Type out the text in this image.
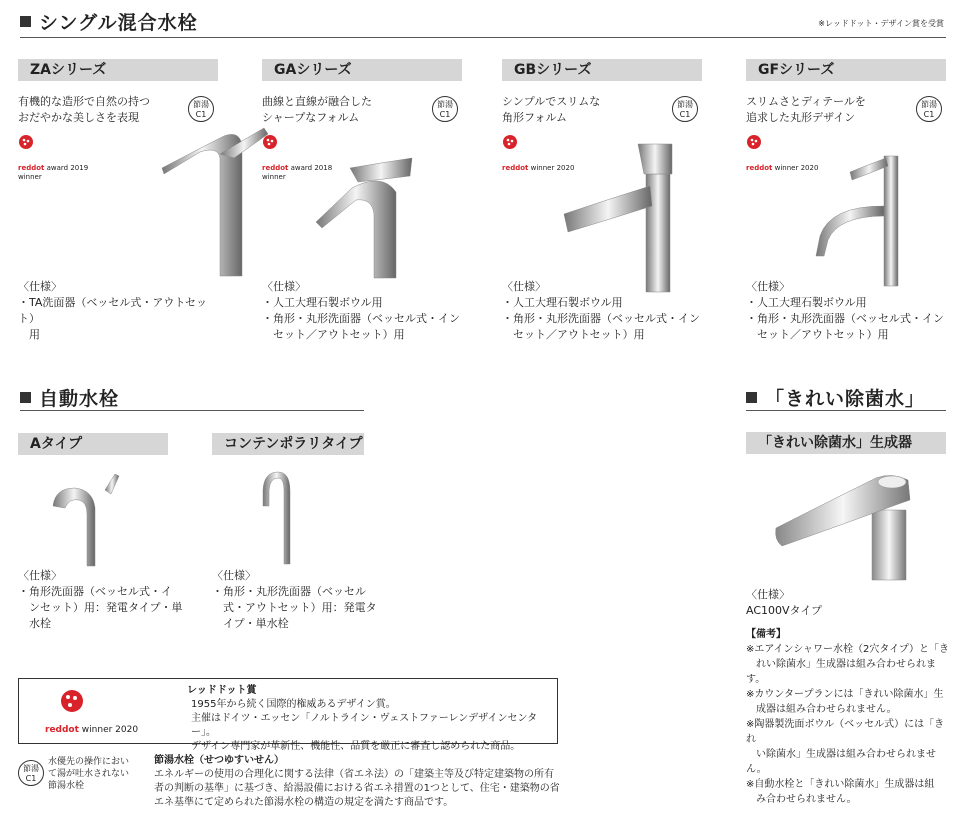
シングル混合水栓	※レッドドット・デザイン賞を受賞
ZAシリーズ
有機的な造形で自然の持つ
おだやかな美しさを表現
節湯
C1
reddot award 2019
winner
〈仕様〉
・TA洗面器（ベッセル式・アウトセット）
　用
GAシリーズ
曲線と直線が融合した
シャープなフォルム
節湯
C1
reddot award 2018
winner
〈仕様〉
・人工大理石製ボウル用
・角形・丸形洗面器（ベッセル式・イン
　セット／アウトセット）用
GBシリーズ
シンプルでスリムな
角形フォルム
節湯
C1
reddot winner 2020

〈仕様〉
・人工大理石製ボウル用
・角形・丸形洗面器（ベッセル式・イン
　セット／アウトセット）用
GFシリーズ
スリムさとディテールを
追求した丸形デザイン
節湯
C1
reddot winner 2020

〈仕様〉
・人工大理石製ボウル用
・角形・丸形洗面器（ベッセル式・イン
　セット／アウトセット）用
自動水栓
Aタイプ	コンテンポラリタイプ
〈仕様〉
・角形洗面器（ベッセル式・イ
　ンセット）用：発電タイプ・単
　水栓
〈仕様〉
・角形・丸形洗面器（ベッセル
　式・アウトセット）用：発電タ
　イプ・単水栓
「きれい除菌水」
「きれい除菌水」生成器
〈仕様〉
AC100Vタイプ
【備考】
※エアインシャワー水栓（2穴タイプ）と「き
　れい除菌水」生成器は組み合わせられます。
※カウンタープランには「きれい除菌水」生
　成器は組み合わせられません。
※陶器製洗面ボウル（ベッセル式）には「きれ
　い除菌水」生成器は組み合わせられません。
※自動水栓と「きれい除菌水」生成器は組
　み合わせられません。
reddot winner 2020
レッドドット賞
1955年から続く国際的権威あるデザイン賞。
主催はドイツ・エッセン「ノルトライン・ヴェストファーレンデザインセンター」。
デザイン専門家が革新性、機能性、品質を厳正に審査し認められた商品。
節湯
C1
水優先の操作におい
て湯が吐水されない
節湯水栓
節湯水栓（せつゆすいせん）
エネルギーの使用の合理化に関する法律（省エネ法）の「建築主等及び特定建築物の所有
者の判断の基準」に基づき、給湯設備における省エネ措置の1つとして、住宅・建築物の省
エネ基準にて定められた節湯水栓の構造の規定を満たす商品です。
